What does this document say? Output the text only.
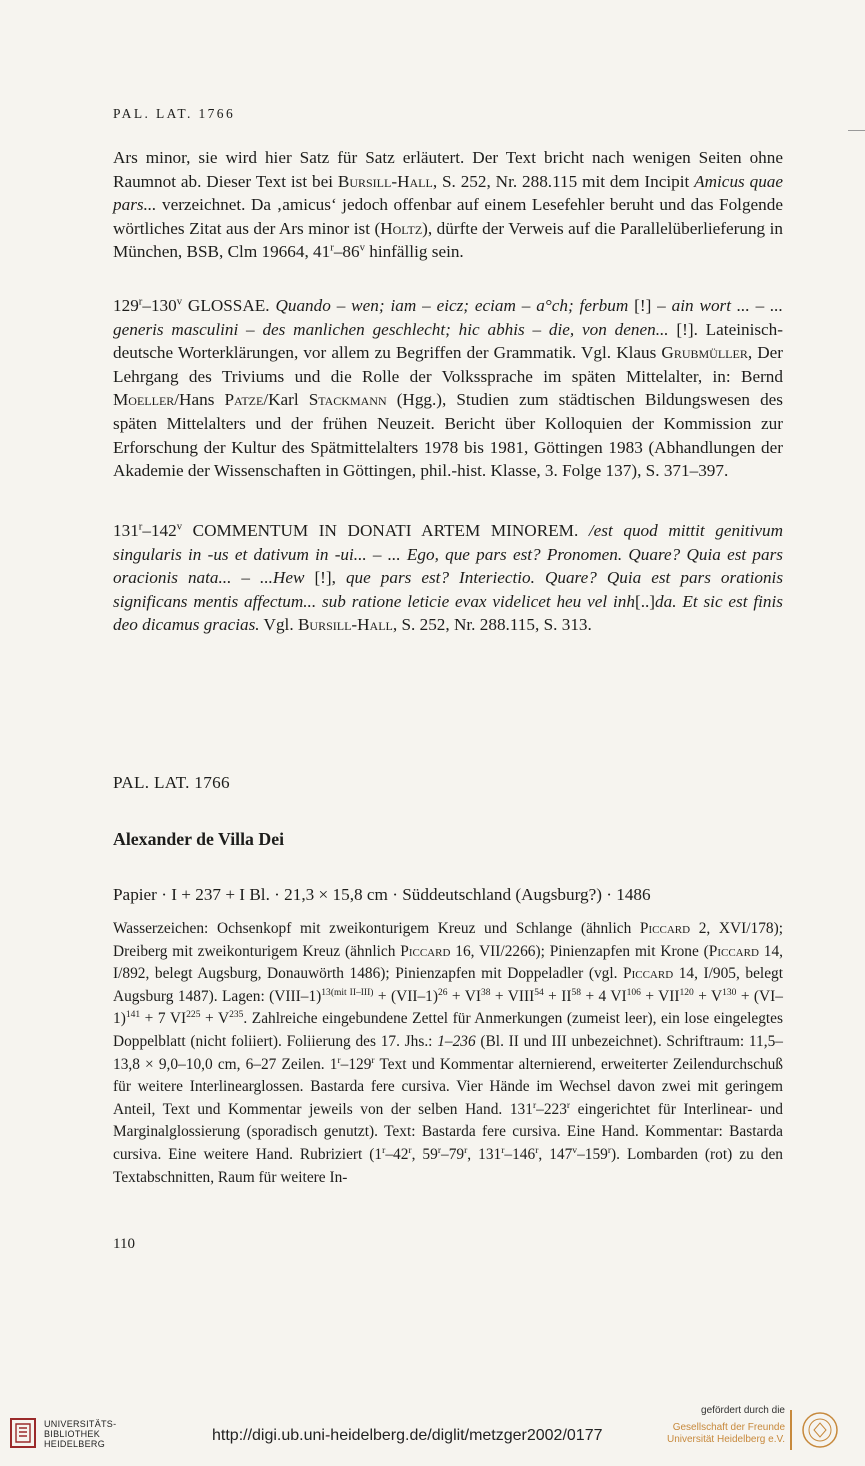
PAL. LAT. 1766

Ars minor, sie wird hier Satz für Satz erläutert. Der Text bricht nach wenigen Seiten ohne Raumnot ab. Dieser Text ist bei Bursill-Hall, S. 252, Nr. 288.115 mit dem Incipit Amicus quae pars... verzeichnet. Da ‚amicus‘ jedoch offenbar auf einem Lesefehler beruht und das Folgende wörtliches Zitat aus der Ars minor ist (Holtz), dürfte der Verweis auf die Parallelüberlieferung in München, BSB, Clm 19664, 41$^r$–86$^v$ hinfällig sein.

129$^r$–130$^v$ GLOSSAE. Quando – wen; iam – eicz; eciam – a°ch; ferbum [!] – ain wort ... – ... generis masculini – des manlichen geschlecht; hic abhis – die, von denen... [!]. Lateinisch-deutsche Worterklärungen, vor allem zu Begriffen der Grammatik. Vgl. Klaus Grubmüller, Der Lehrgang des Triviums und die Rolle der Volkssprache im späten Mittelalter, in: Bernd Moeller/Hans Patze/Karl Stackmann (Hgg.), Studien zum städtischen Bildungswesen des späten Mittelalters und der frühen Neuzeit. Bericht über Kolloquien der Kommission zur Erforschung der Kultur des Spätmittelalters 1978 bis 1981, Göttingen 1983 (Abhandlungen der Akademie der Wissenschaften in Göttingen, phil.-hist. Klasse, 3. Folge 137), S. 371–397.

131$^r$–142$^v$ COMMENTUM IN DONATI ARTEM MINOREM. /est quod mittit genitivum singularis in -us et dativum in -ui... – ... Ego, que pars est? Pronomen. Quare? Quia est pars oracionis nata... – ...Hew [!], que pars est? Interiectio. Quare? Quia est pars orationis significans mentis affectum... sub ratione leticie evax videlicet heu vel inh[..]da. Et sic est finis deo dicamus gracias. Vgl. Bursill-Hall, S. 252, Nr. 288.115, S. 313.

PAL. LAT. 1766
Alexander de Villa Dei
Papier · I + 237 + I Bl. · 21,3 × 15,8 cm · Süddeutschland (Augsburg?) · 1486

Wasserzeichen: Ochsenkopf mit zweikonturigem Kreuz und Schlange (ähnlich Piccard 2, XVI/178); Dreiberg mit zweikonturigem Kreuz (ähnlich Piccard 16, VII/2266); Pinienzapfen mit Krone (Piccard 14, I/892, belegt Augsburg, Donauwörth 1486); Pinienzapfen mit Doppeladler (vgl. Piccard 14, I/905, belegt Augsburg 1487). Lagen: (VIII–1)$^{13(mit II-III)}$ + $(VII-1)^{26} + VI^{38}$ + $VIII^{54} + II^{58} + 4$ $VI^{106} + VII^{120} + V^{130} + (VI-1)^{141} + 7$ $VI^{225} + V^{235}$. Zahlreiche eingebundene Zettel für Anmerkungen (zumeist leer), ein lose eingelegtes Doppelblatt (nicht foliiert). Foliierung des 17. Jhs.: 1–236 (Bl. II und III unbezeichnet). Schriftraum: 11,5–13,8 × 9,0–10,0 cm, 6–27 Zeilen. 1$^r$–129$^r$ Text und Kommentar alternierend, erweiterter Zeilendurchschuß für weitere Interlinearglossen. Bastarda fere cursiva. Vier Hände im Wechsel davon zwei mit geringem Anteil, Text und Kommentar jeweils von der selben Hand. 131$^r$–223$^r$ eingerichtet für Interlinear- und Marginalglossierung (sporadisch genutzt). Text: Bastarda fere cursiva. Eine Hand. Kommentar: Bastarda cursiva. Eine weitere Hand. Rubriziert (1$^r$–42$^r$, 59$^r$–79$^r$, 131$^r$–146$^r$, 147$^v$–159$^r$). Lombarden (rot) zu den Textabschnitten, Raum für weitere In-

110
UNIVERSITÄTS-
BIBLIOTHEK
HEIDELBERG	http://digi.ub.uni-heidelberg.de/diglit/metzger2002/0177
gefördert durch die
Gesellschaft der Freunde
Universität Heidelberg e.V.
